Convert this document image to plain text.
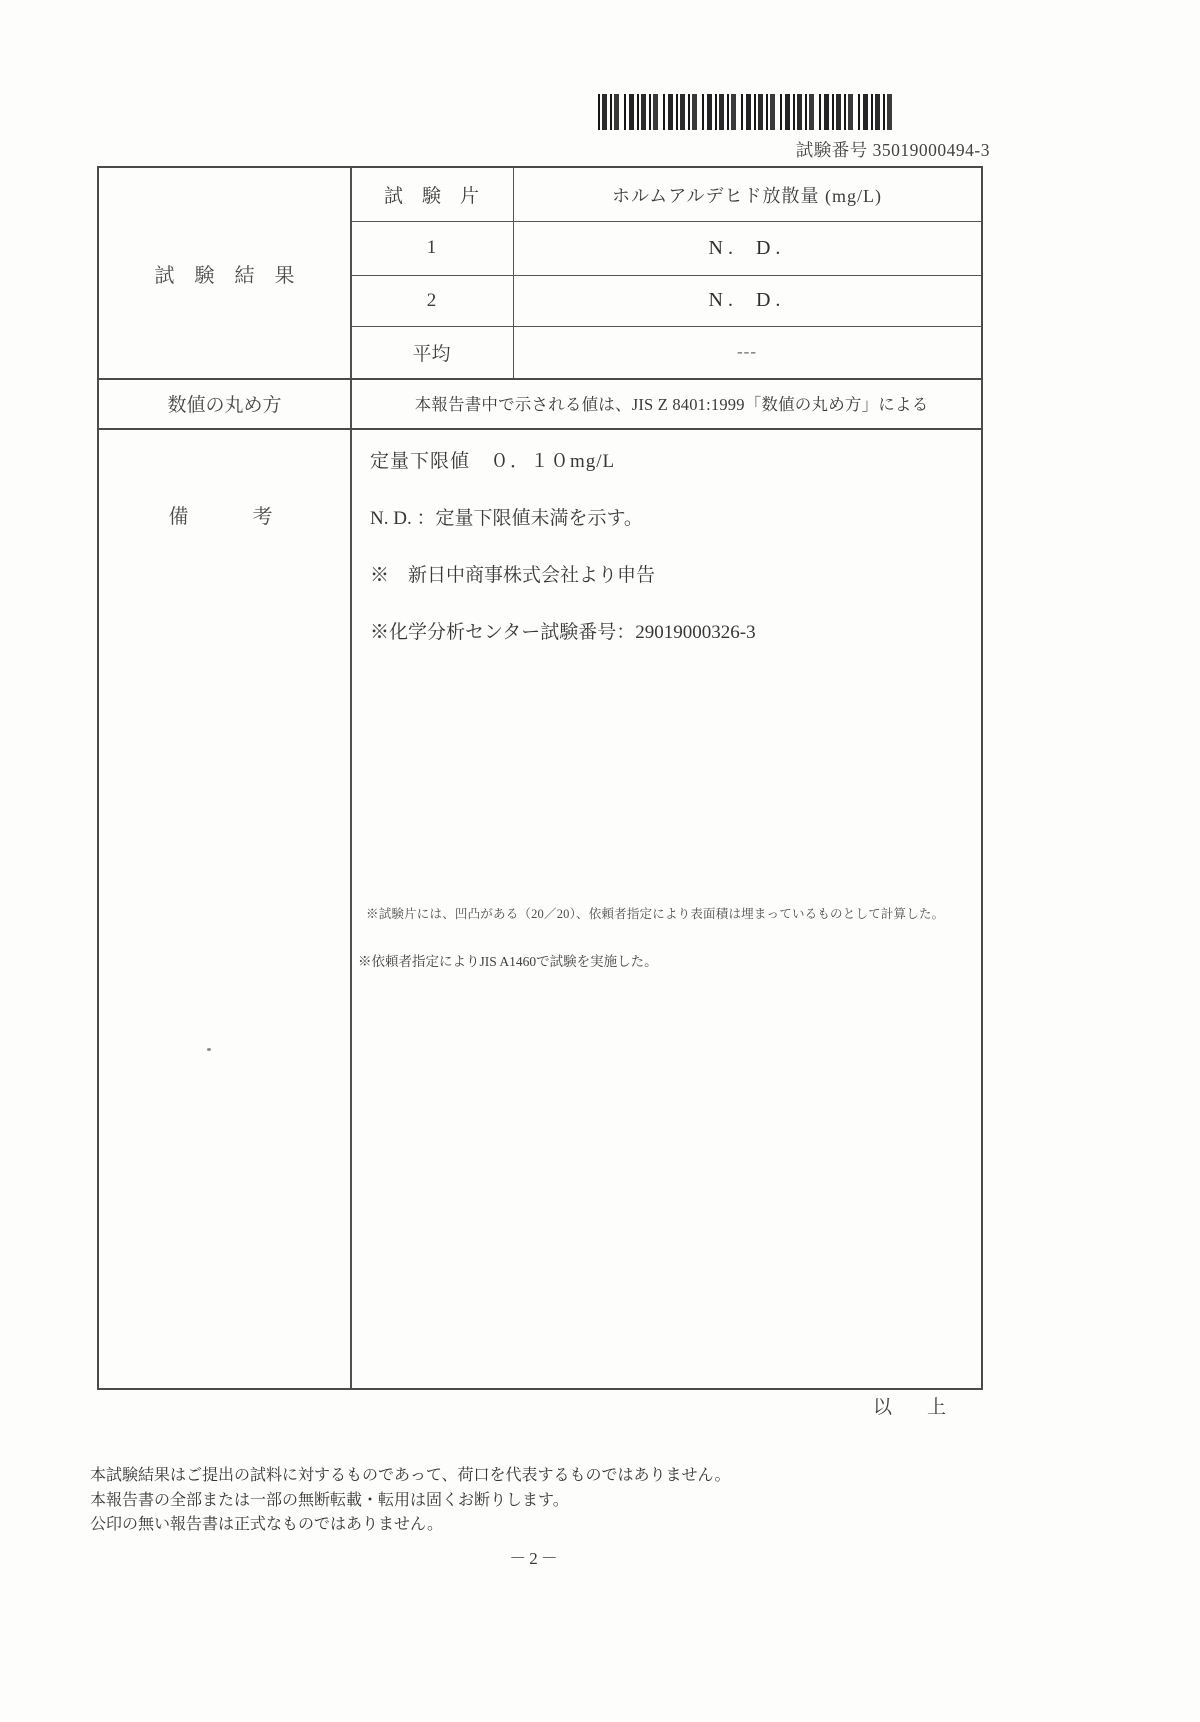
試験番号 35019000494-3
試　験　結　果
試　験　片	ホルムアルデヒド放散量 (mg/L)
1	N. D.
2	N. D.
平均	---
数値の丸め方	本報告書中で示される値は、JIS Z 8401:1999「数値の丸め方」による
備　　考
定量下限値　０．１０mg/L
N. D. ：定量下限値未満を示す。
※　新日中商事株式会社より申告
※化学分析センター試験番号：29019000326-3
※試験片には、凹凸がある（20／20）、依頼者指定により表面積は埋まっているものとして計算した。
※依頼者指定によりJIS A1460で試験を実施した。
以　上
本試験結果はご提出の試料に対するものであって、荷口を代表するものではありません。
本報告書の全部または一部の無断転載・転用は固くお断りします。
公印の無い報告書は正式なものではありません。
－2－
